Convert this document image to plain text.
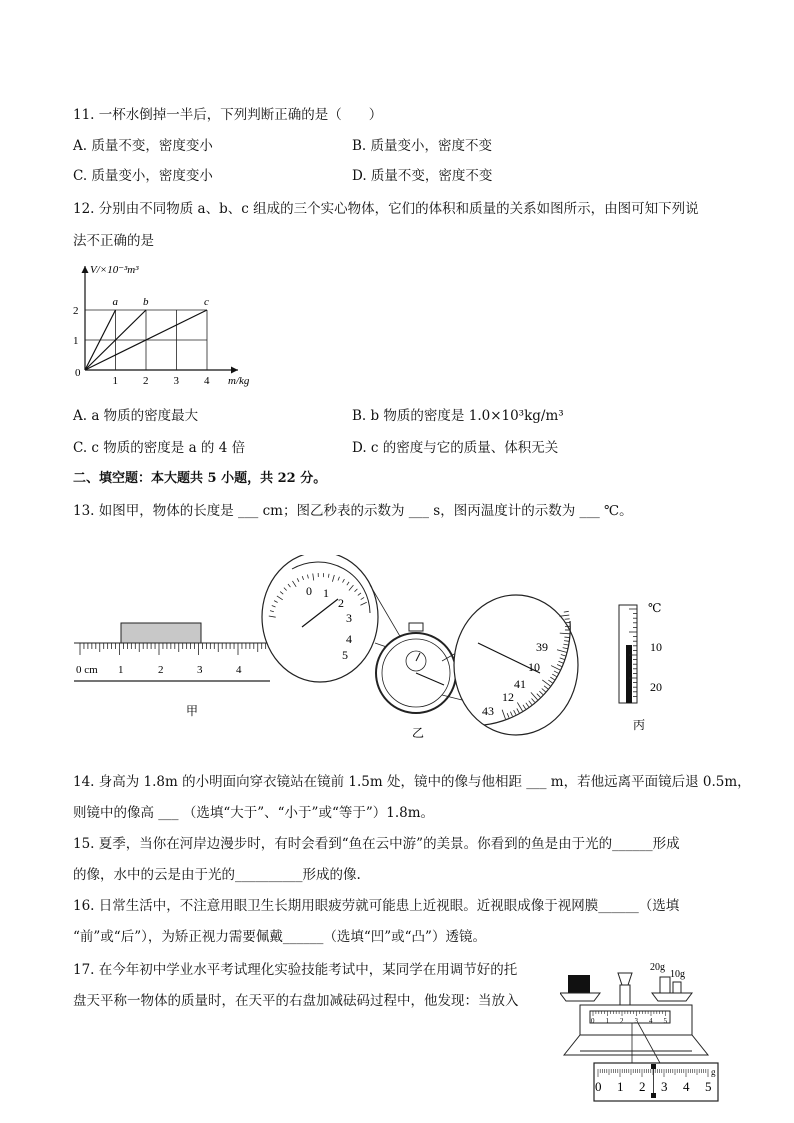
11. 一杯水倒掉一半后，下列判断正确的是（　　）
A. 质量不变，密度变小	B. 质量变小，密度不变
C. 质量变小，密度变小	D. 质量不变，密度不变
12. 分别由不同物质 a、b、c 组成的三个实心物体，它们的体积和质量的关系如图所示，由图可知下列说
法不正确的是
a b	c
1 2 3 4
1
2
V/×10⁻³m³
m/kg
0
A. a 物质的密度最大	B. b 物质的密度是 1.0×10³kg/m³
C. c 物质的密度是 a 的 4 倍	D. c 的密度与它的质量、体积无关
二、填空题：本大题共 5 小题，共 22 分。
13. 如图甲，物体的长度是 ___ cm；图乙秒表的示数为 ___ s，图丙温度计的示数为 ___ ℃。
0 cm 1	2	3	4
甲
0 1
2
3
4
5
乙
39
10
41
12
43
℃
10
20
丙
14. 身高为 1.8m 的小明面向穿衣镜站在镜前 1.5m 处，镜中的像与他相距 ___ m，若他远离平面镜后退 0.5m，
则镜中的像高 ___ （选填“大于”、“小于”或“等于”）1.8m。
15. 夏季，当你在河岸边漫步时，有时会看到“鱼在云中游”的美景。你看到的鱼是由于光的______形成
的像，水中的云是由于光的__________形成的像.
16. 日常生活中，不注意用眼卫生长期用眼疲劳就可能患上近视眼。近视眼成像于视网膜______（选填
“前”或“后”），为矫正视力需要佩戴______（选填“凹”或“凸”）透镜。
17. 在今年初中学业水平考试理化实验技能考试中，某同学在用调节好的托
盘天平称一物体的质量时，在天平的右盘加减砝码过程中，他发现：当放入
20g
10g
0 1 2 3 4 5
0 1 2 3 4 5
g
